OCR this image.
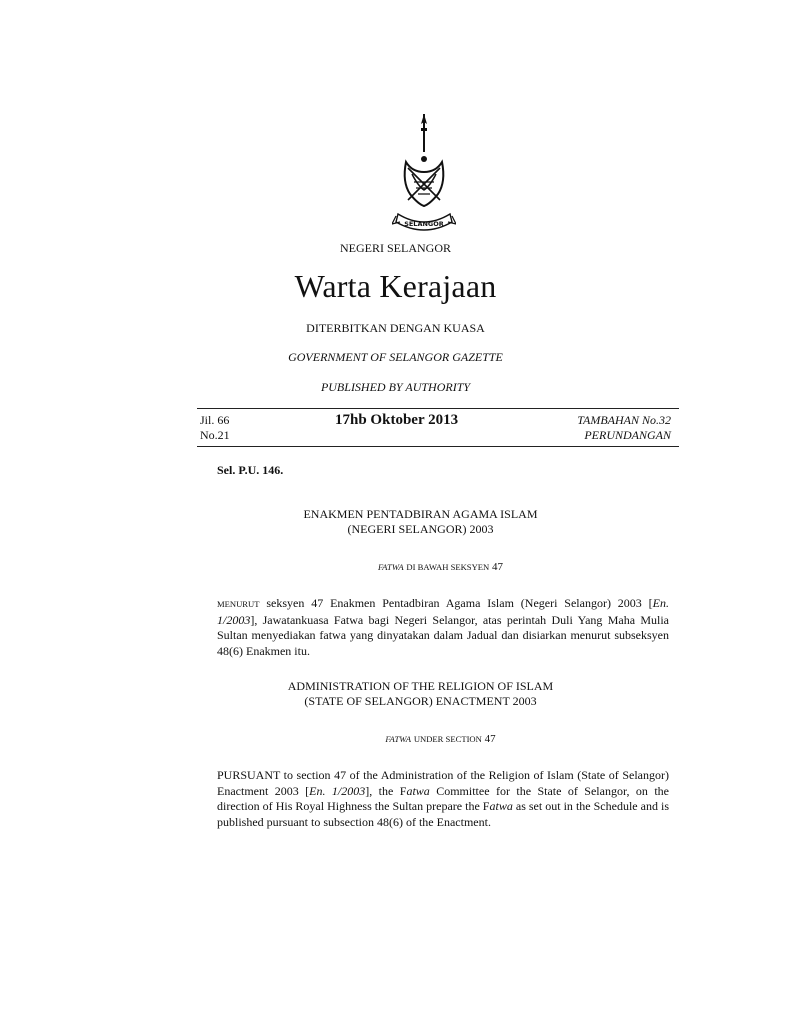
SELANGOR
NEGERI SELANGOR
Warta Kerajaan
DITERBITKAN DENGAN KUASA
GOVERNMENT OF SELANGOR GAZETTE
PUBLISHED BY AUTHORITY
Jil. 66
No.21
17hb Oktober 2013	TAMBAHAN No.32
PERUNDANGAN
Sel. P.U. 146.
ENAKMEN PENTADBIRAN AGAMA ISLAM
(NEGERI SELANGOR) 2003
FATWA DI BAWAH SEKSYEN 47
MENURUT seksyen 47 Enakmen Pentadbiran Agama Islam (Negeri Selangor) 2003 [En. 1/2003], Jawatankuasa Fatwa bagi Negeri Selangor, atas perintah Duli Yang Maha Mulia Sultan menyediakan fatwa yang dinyatakan dalam Jadual dan disiarkan menurut subseksyen 48(6) Enakmen itu.
ADMINISTRATION OF THE RELIGION OF ISLAM
(STATE OF SELANGOR) ENACTMENT 2003
FATWA UNDER SECTION 47
PURSUANT to section 47 of the Administration of the Religion of Islam (State of Selangor) Enactment 2003 [En. 1/2003], the Fatwa Committee for the State of Selangor, on the direction of His Royal Highness the Sultan prepare the Fatwa as set out in the Schedule and is published pursuant to subsection 48(6) of the Enactment.
